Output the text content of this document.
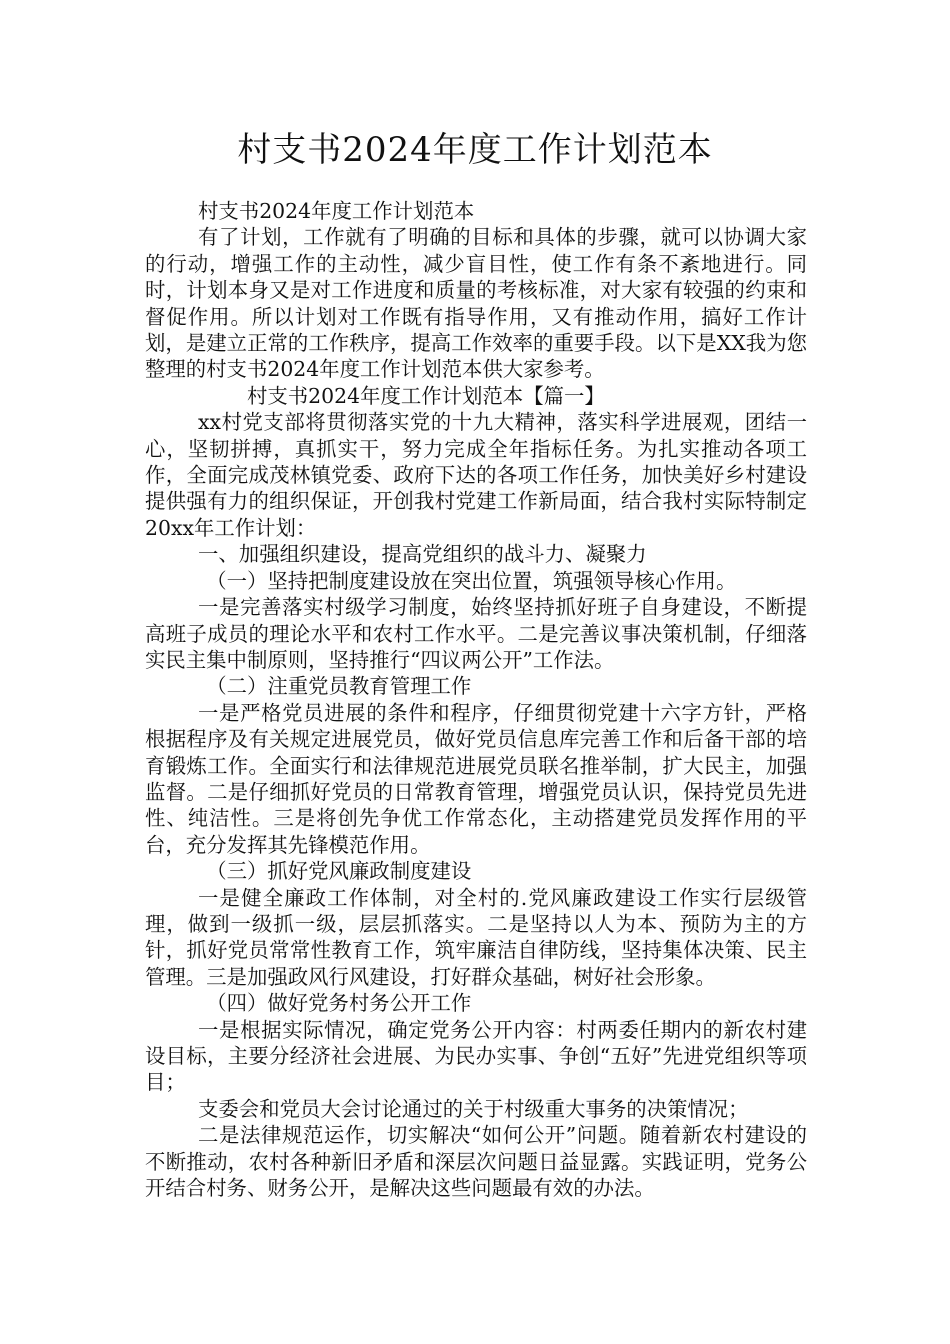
村支书2024年度工作计划范本

村支书2024年度工作计划范本

有了计划，工作就有了明确的目标和具体的步骤，就可以协调大家的行动，增强工作的主动性，减少盲目性，使工作有条不紊地进行。同时，计划本身又是对工作进度和质量的考核标准，对大家有较强的约束和督促作用。所以计划对工作既有指导作用，又有推动作用，搞好工作计划，是建立正常的工作秩序，提高工作效率的重要手段。以下是XX我为您整理的村支书2024年度工作计划范本供大家参考。

村支书2024年度工作计划范本【篇一】

xx村党支部将贯彻落实党的十九大精神，落实科学进展观，团结一心，坚韧拼搏，真抓实干，努力完成全年指标任务。为扎实推动各项工作，全面完成茂林镇党委、政府下达的各项工作任务，加快美好乡村建设提供强有力的组织保证，开创我村党建工作新局面，结合我村实际特制定20xx年工作计划：

一、加强组织建设，提高党组织的战斗力、凝聚力

（一）坚持把制度建设放在突出位置，筑强领导核心作用。

一是完善落实村级学习制度，始终坚持抓好班子自身建设，不断提高班子成员的理论水平和农村工作水平。二是完善议事决策机制，仔细落实民主集中制原则，坚持推行“四议两公开”工作法。

（二）注重党员教育管理工作

一是严格党员进展的条件和程序，仔细贯彻党建十六字方针，严格根据程序及有关规定进展党员，做好党员信息库完善工作和后备干部的培育锻炼工作。全面实行和法律规范进展党员联名推举制，扩大民主，加强监督。二是仔细抓好党员的日常教育管理，增强党员认识，保持党员先进性、纯洁性。三是将创先争优工作常态化，主动搭建党员发挥作用的平台，充分发挥其先锋模范作用。

（三）抓好党风廉政制度建设

一是健全廉政工作体制，对全村的.党风廉政建设工作实行层级管理，做到一级抓一级，层层抓落实。二是坚持以人为本、预防为主的方针，抓好党员常常性教育工作，筑牢廉洁自律防线，坚持集体决策、民主管理。三是加强政风行风建设，打好群众基础，树好社会形象。

（四）做好党务村务公开工作

一是根据实际情况，确定党务公开内容：村两委任期内的新农村建设目标，主要分经济社会进展、为民办实事、争创“五好”先进党组织等项目；

支委会和党员大会讨论通过的关于村级重大事务的决策情况；

二是法律规范运作，切实解决“如何公开”问题。随着新农村建设的不断推动，农村各种新旧矛盾和深层次问题日益显露。实践证明，党务公开结合村务、财务公开，是解决这些问题最有效的办法。
